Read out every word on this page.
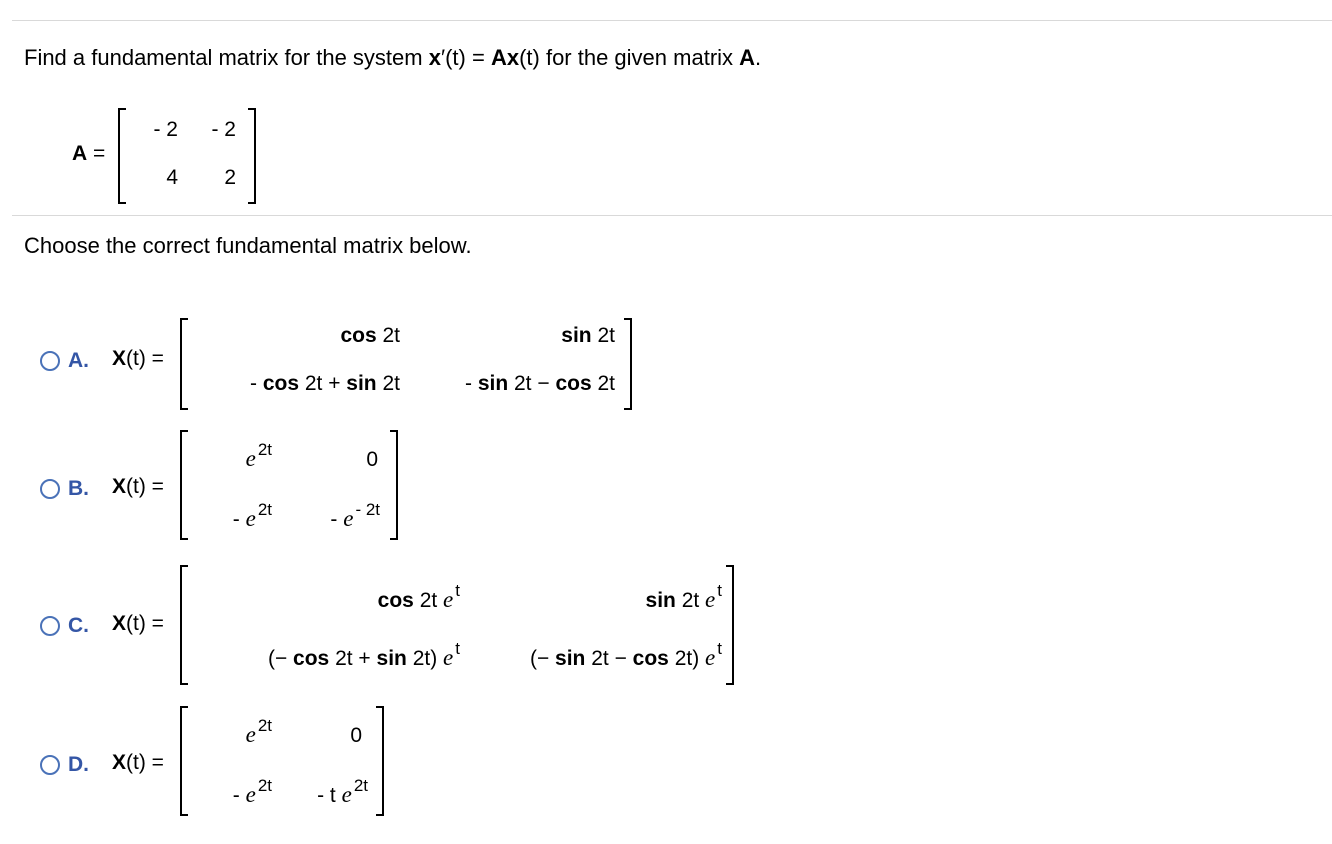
Find a fundamental matrix for the system x′(t) = Ax(t) for the given matrix A.
A =
- 2	- 2
4	2
Choose the correct fundamental matrix below.
A. X(t) =
cos 2t	sin 2t
- cos 2t + sin 2t	- sin 2t − cos 2t
B. X(t) =
e $^{2t}$	0
- e $^{2t}$	- e $^{- 2t}$
C. X(t) =
cos 2t e $^t$	sin 2t e $^t$
(− cos 2t + sin 2t) e $^t$	(− sin 2t − cos 2t) e $^t$
D. X(t) =
e $^{2t}$	0
- e $^{2t}$	- t e $^{2t}$
